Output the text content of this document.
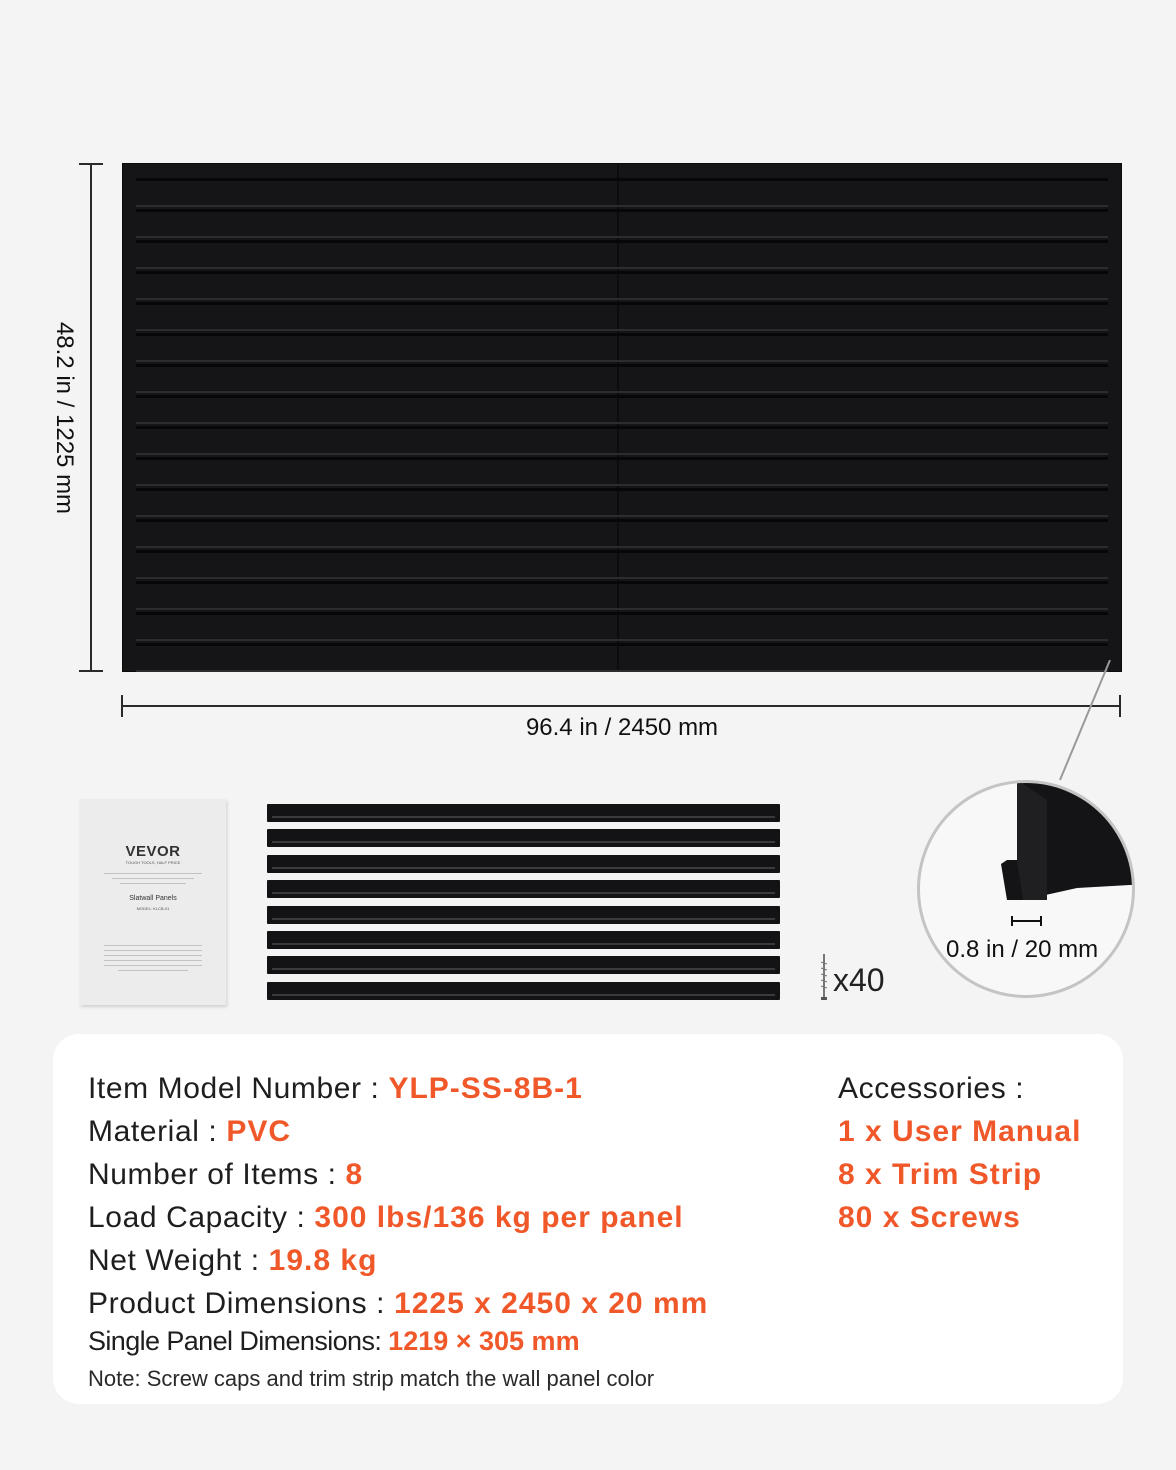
48.2 in / 1225 mm
96.4 in / 2450 mm
VEVOR
TOUGH TOOLS, HALF PRICE
Slatwall Panels
MODEL: KLCB-01
x40
0.8 in / 20 mm
Item Model Number : YLP-SS-8B-1
Material : PVC
Number of Items : 8
Load Capacity : 300 lbs/136 kg per panel
Net Weight : 19.8 kg
Product Dimensions : 1225 x 2450 x 20 mm
Single Panel Dimensions: 1219 × 305 mm
Note: Screw caps and trim strip match the wall panel color
Accessories :
1 x User Manual
8 x Trim Strip
80 x Screws
